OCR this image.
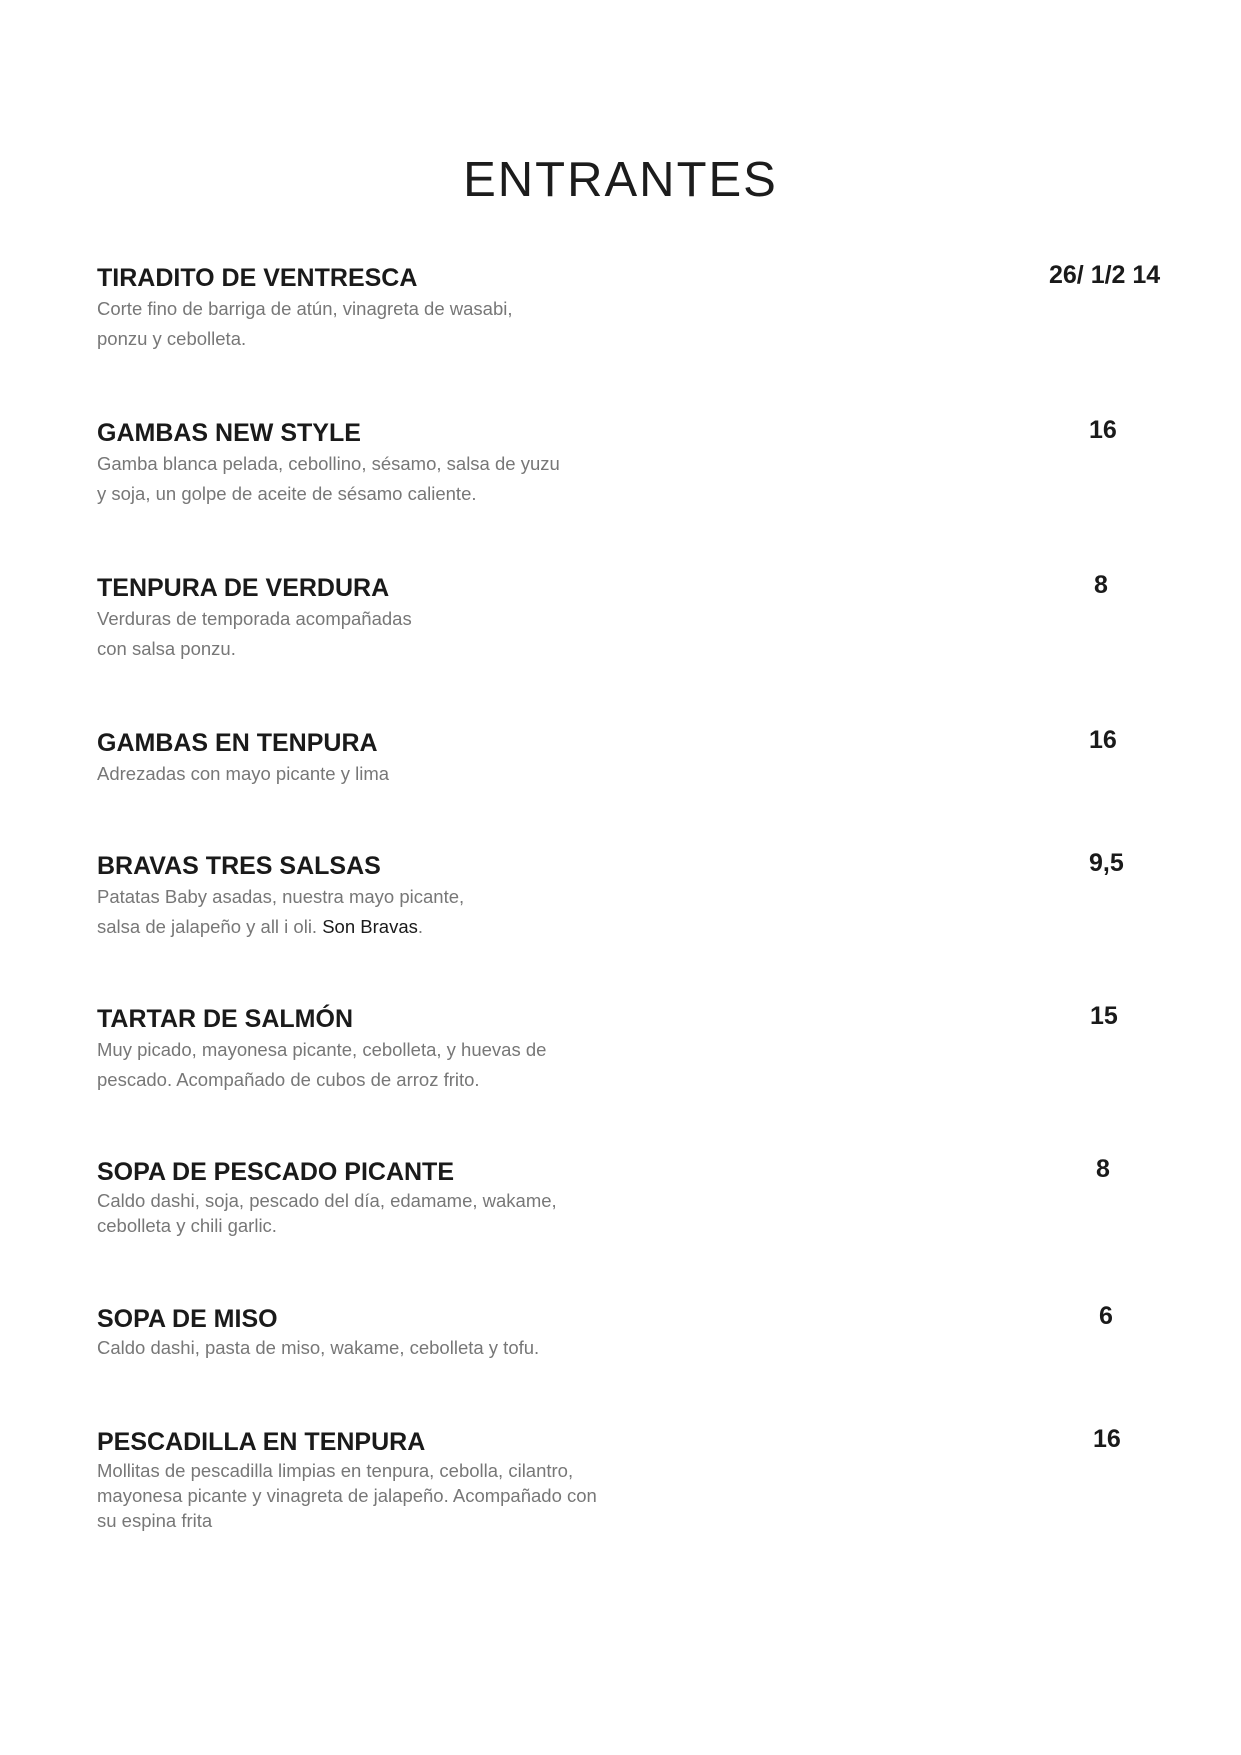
ENTRANTES
TIRADITO DE VENTRESCA
Corte fino de barriga de atún, vinagreta de wasabi,
ponzu y cebolleta.
26/ 1/2 14
GAMBAS NEW STYLE
Gamba blanca pelada, cebollino, sésamo, salsa de yuzu
y soja, un golpe de aceite de sésamo caliente.
16
TENPURA DE VERDURA
Verduras de temporada acompañadas
con salsa ponzu.
8
GAMBAS EN TENPURA
Adrezadas con mayo picante y lima
16
BRAVAS TRES SALSAS
Patatas Baby asadas, nuestra mayo picante,
salsa de jalapeño y all i oli. Son Bravas.
9,5
TARTAR DE SALMÓN
Muy picado, mayonesa picante, cebolleta, y huevas de
pescado. Acompañado de cubos de arroz frito.
15
SOPA DE PESCADO PICANTE
Caldo dashi, soja, pescado del día, edamame, wakame,
cebolleta y chili garlic.
8
SOPA DE MISO
Caldo dashi, pasta de miso, wakame, cebolleta y tofu.
6
PESCADILLA EN TENPURA
Mollitas de pescadilla limpias en tenpura, cebolla, cilantro,
mayonesa picante y vinagreta de jalapeño. Acompañado con
su espina frita
16
